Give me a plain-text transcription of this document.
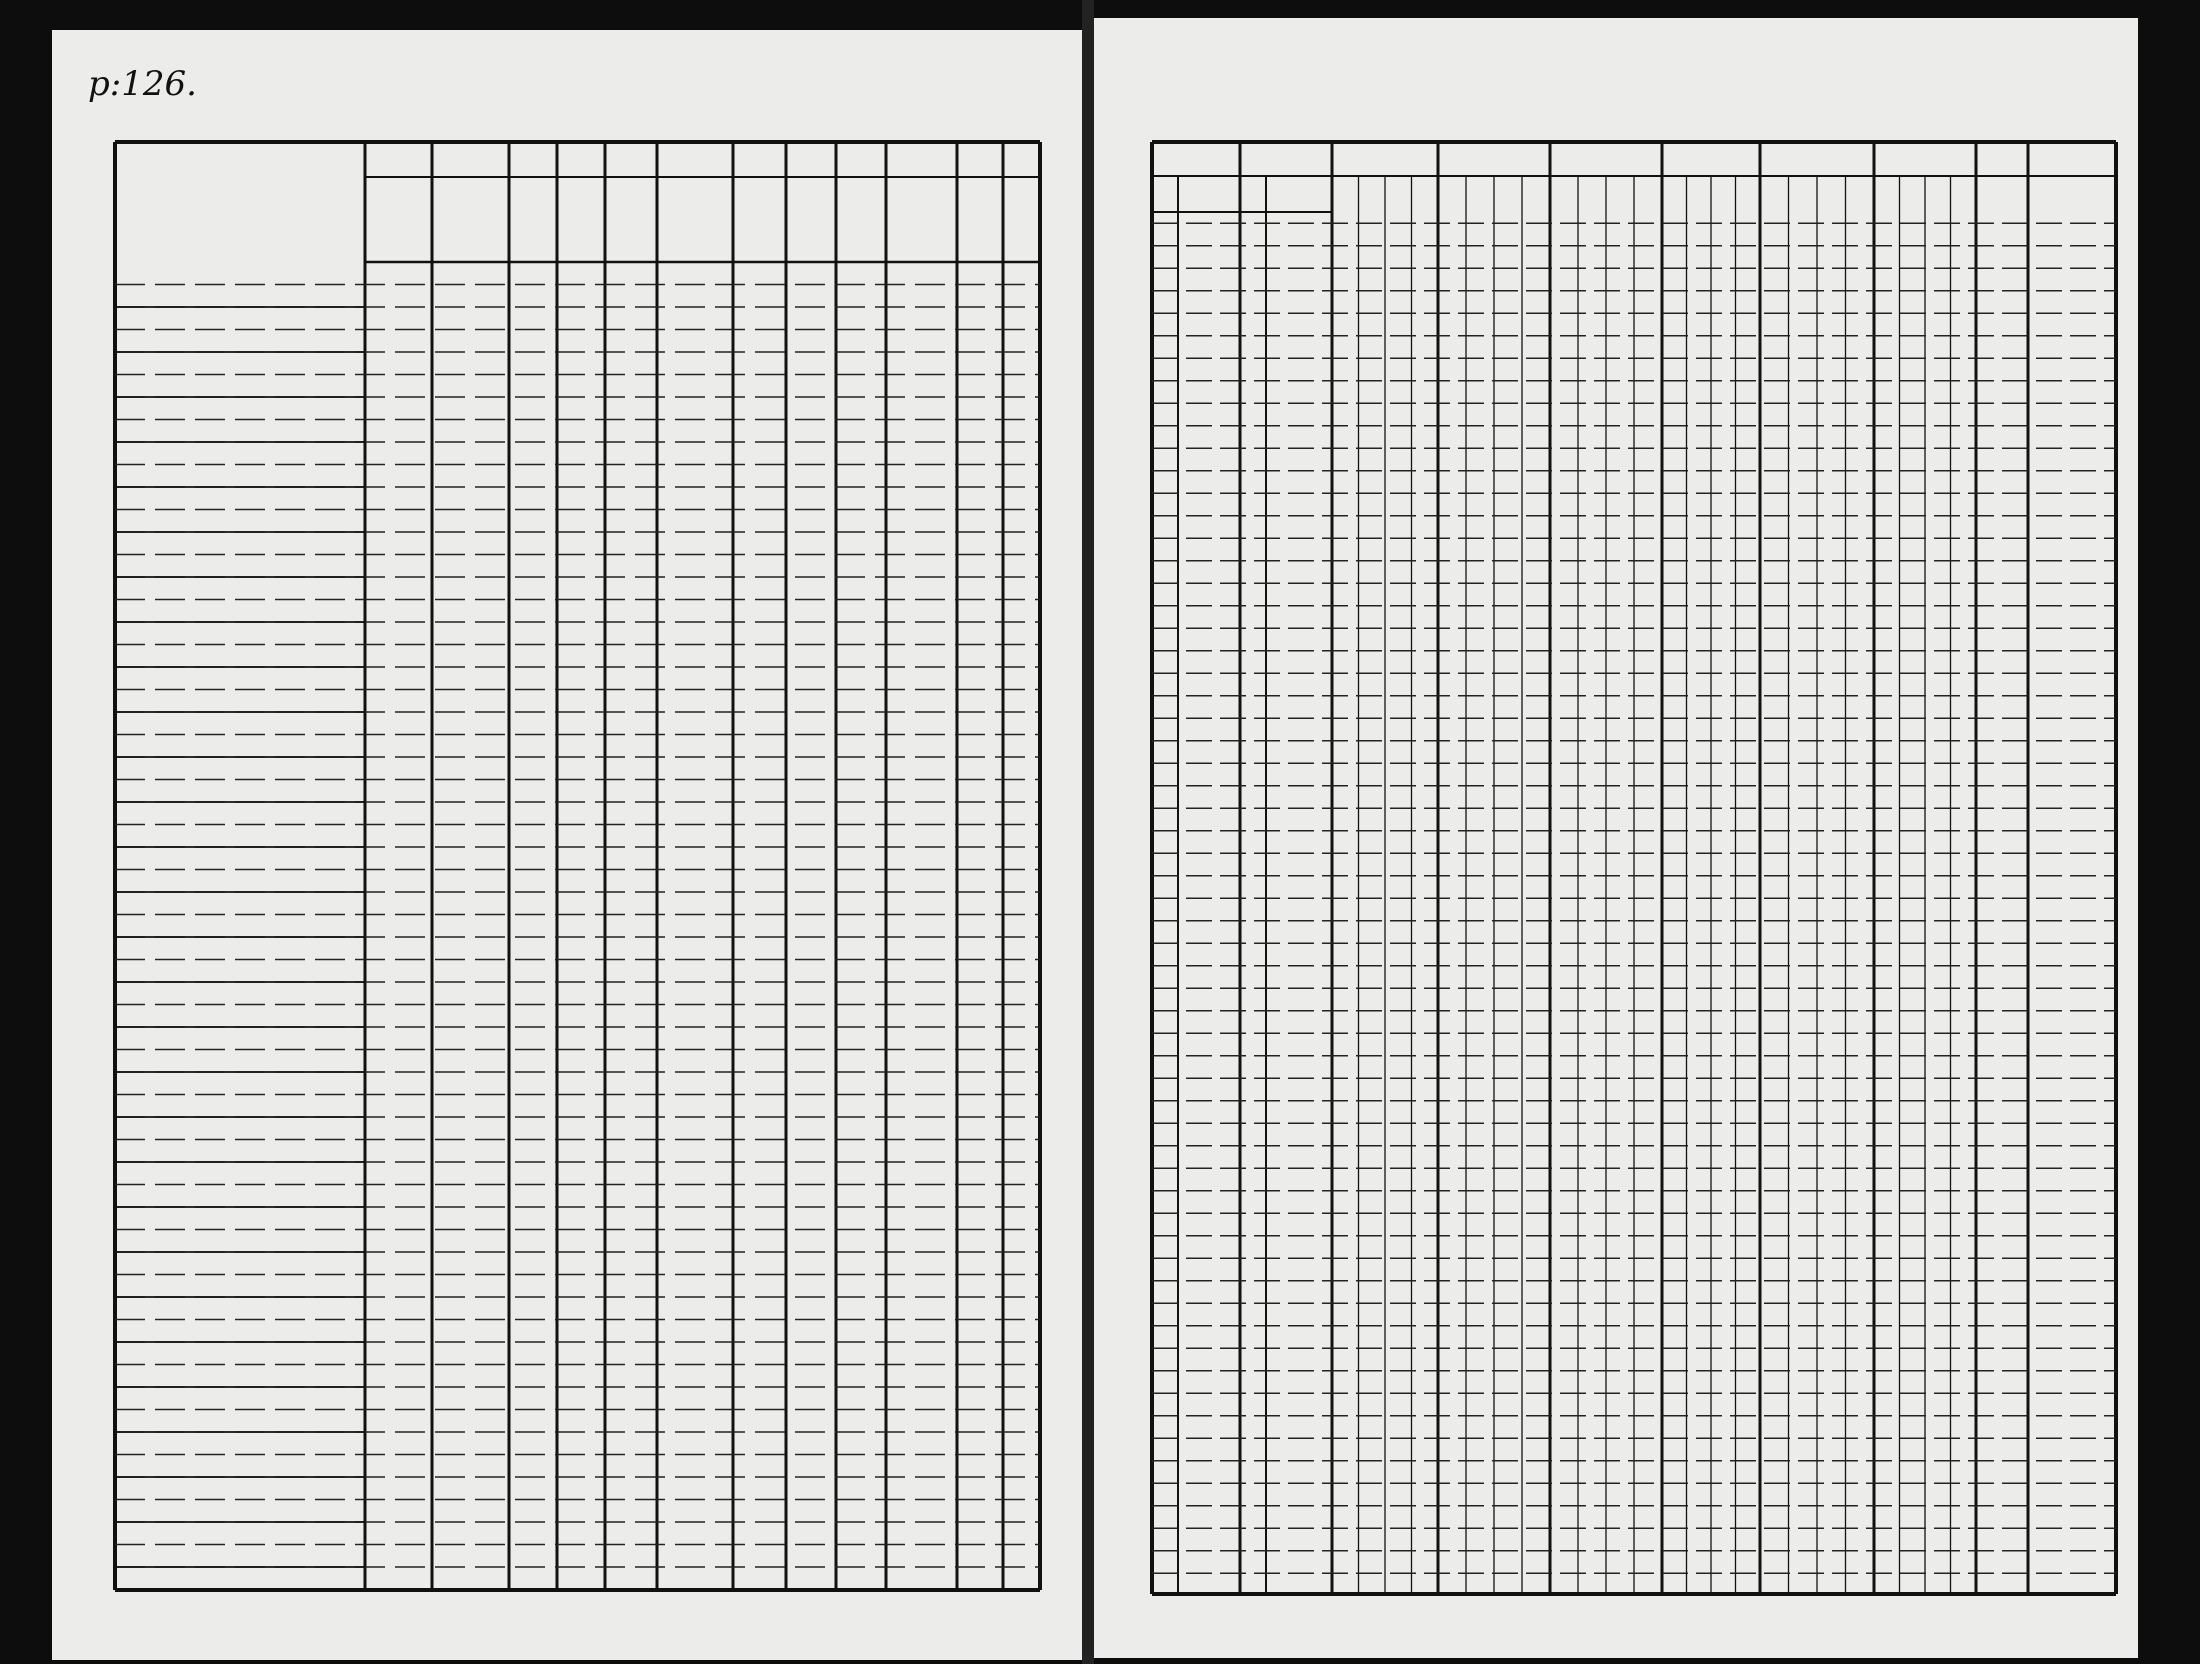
p:126.
